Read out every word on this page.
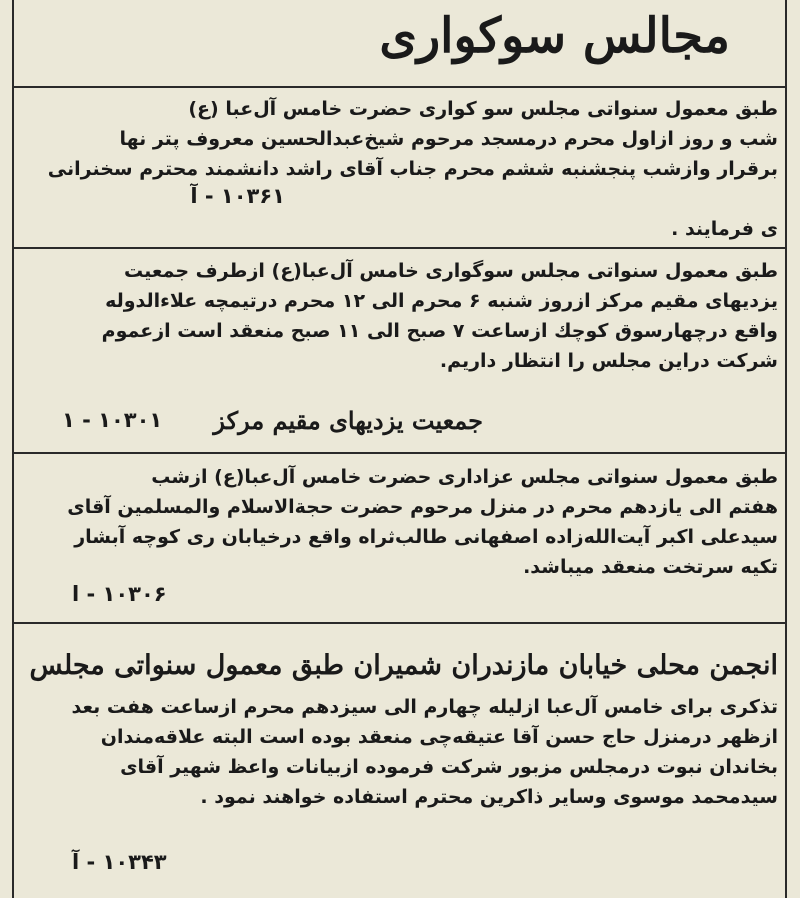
مجالس سوکواری
طبق معمول سنواتی مجلس سو کواری حضرت خامس آل‌عبا (ع)
شب و روز ازاول محرم درمسجد مرحوم شیخ‌عبدالحسین معروف پتر ‌نها
برقرار وازشب پنجشنبه ششم محرم جناب آقای راشد دانشمند محترم سخنرانی
آ - ۱۰۳۶۱
ی فرمایند .
طبق معمول سنواتی مجلس سو‌گواری خامس آل‌عبا(ع) ازطرف جمعیت
یزدیهای مقیم مرکز ازروز شنبه ۶ محرم الی ۱۲ محرم درتیمچه علاءالدوله
واقع درچهارسوق کوچك ازساعت ۷ صبح الی ۱۱ صبح منعقد است ازعموم
شرکت دراین مجلس را انتظار داریم.
جمعیت یزدیهای مقیم مرکز
۱ - ۱۰۳۰۱
طبق معمول سنواتی مجلس عزاداری حضرت خامس آل‌عبا(ع) ازشب
هفتم الی یازدهم محرم در منزل مرحوم حضرت حجة‌الاسلام والمسلمین آقای
سیدعلی اکبر آیت‌الله‌زاده اصفهانی طالب‌ثراه واقع درخیابان ری کوچه آبشار
تکیه سرتخت منعقد میباشد.
ا - ۱۰۳۰۶
انجمن محلی خیابان مازندران شمیران طبق معمول سنواتی مجلس
تذکری برای خامس آل‌عبا ازلیله چهارم الی سیزدهم محرم ازساعت هفت بعد
ازظهر درمنزل حاج حسن آقا عتیقه‌چی منعقد بوده است البته علاقه‌مندان
بخاندان نبوت درمجلس مزبور شرکت فرموده ازبیانات واعظ شهیر آقای
سیدمحمد موسوی وسایر ذاکرین محترم استفاده خواهند نمود .
آ - ۱۰۳۴۳
